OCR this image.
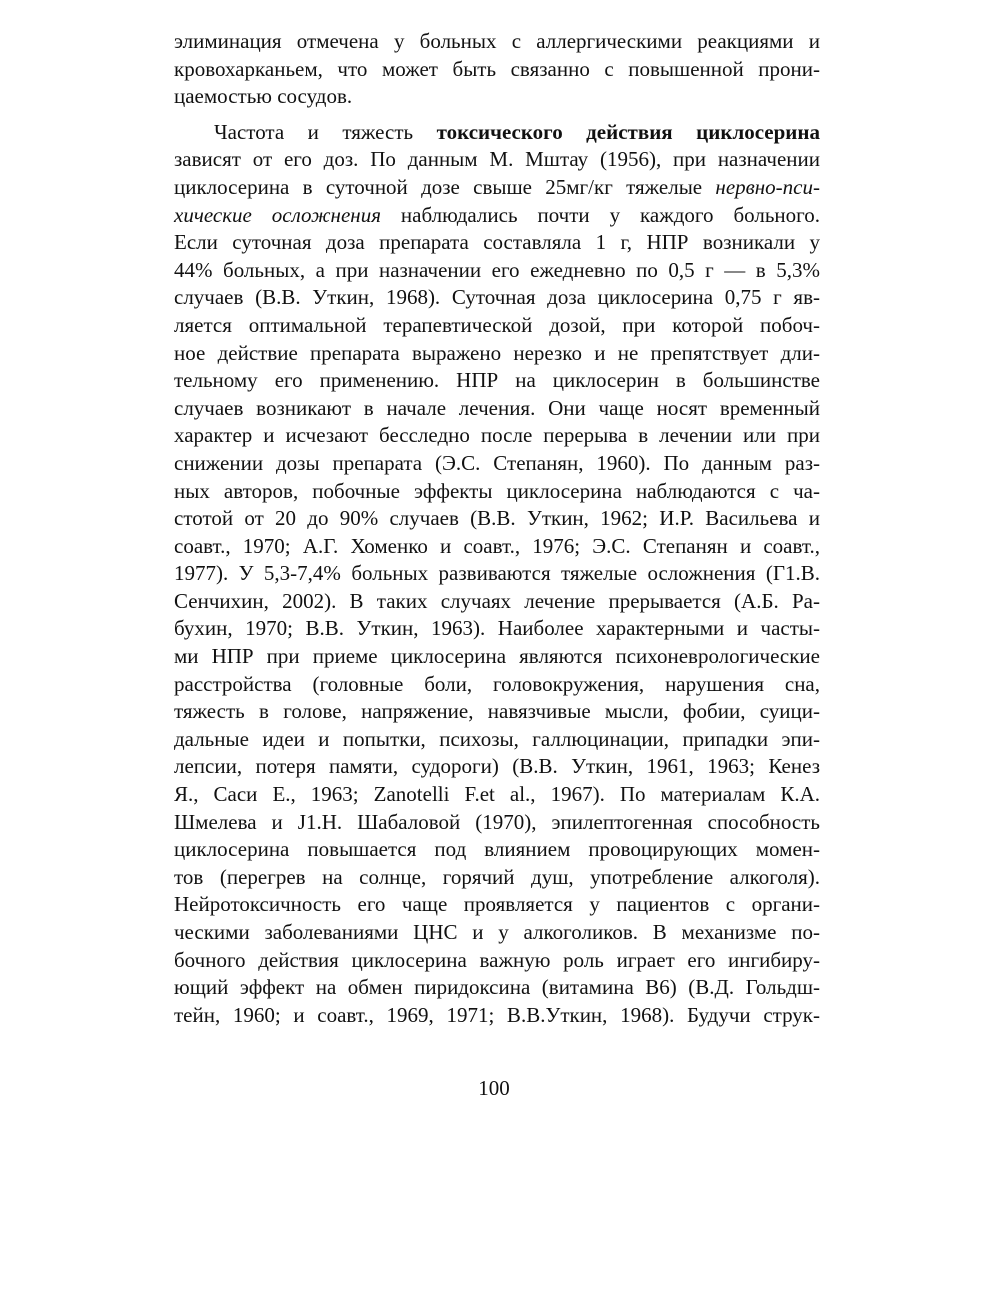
элиминация отмечена у больных с аллергическими реакциями и
кровохарканьем, что может быть связанно с повышенной прони-
цаемостью сосудов.
Частота и тяжесть токсического действия циклосерина
зависят от его доз. По данным М. Мштау (1956), при назначении
циклосерина в суточной дозе свыше 25мг/кг тяжелые нервно-пси-
хические осложнения наблюдались почти у каждого больного.
Если суточная доза препарата составляла 1 г, НПР возникали у
44% больных, а при назначении его ежедневно по 0,5 г — в 5,3%
случаев (В.В. Уткин, 1968). Суточная доза циклосерина 0,75 г яв-
ляется оптимальной терапевтической дозой, при которой побоч-
ное действие препарата выражено нерезко и не препятствует дли-
тельному его применению. НПР на циклосерин в большинстве
случаев возникают в начале лечения. Они чаще носят временный
характер и исчезают бесследно после перерыва в лечении или при
снижении дозы препарата (Э.С. Степанян, 1960). По данным раз-
ных авторов, побочные эффекты циклосерина наблюдаются с ча-
стотой от 20 до 90% случаев (В.В. Уткин, 1962; И.Р. Васильева и
соавт., 1970; А.Г. Хоменко и соавт., 1976; Э.С. Степанян и соавт.,
1977). У 5,3-7,4% больных развиваются тяжелые осложнения (Г1.В.
Сенчихин, 2002). В таких случаях лечение прерывается (А.Б. Ра-
бухин, 1970; В.В. Уткин, 1963). Наиболее характерными и часты-
ми НПР при приеме циклосерина являются психоневрологические
расстройства (головные боли, головокружения, нарушения сна,
тяжесть в голове, напряжение, навязчивые мысли, фобии, суици-
дальные идеи и попытки, психозы, галлюцинации, припадки эпи-
лепсии, потеря памяти, судороги) (В.В. Уткин, 1961, 1963; Кенез
Я., Саси Е., 1963; Zanotelli F.et al., 1967). По материалам К.А.
Шмелева и J1.Н. Шабаловой (1970), эпилептогенная способность
циклосерина повышается под влиянием провоцирующих момен-
тов (перегрев на солнце, горячий душ, употребление алкоголя).
Нейротоксичность его чаще проявляется у пациентов с органи-
ческими заболеваниями ЦНС и у алкоголиков. В механизме по-
бочного действия циклосерина важную роль играет его ингибиру-
ющий эффект на обмен пиридоксина (витамина В6) (В.Д. Гольдш-
тейн, 1960; и соавт., 1969, 1971; В.В.Уткин, 1968). Будучи струк-
100
